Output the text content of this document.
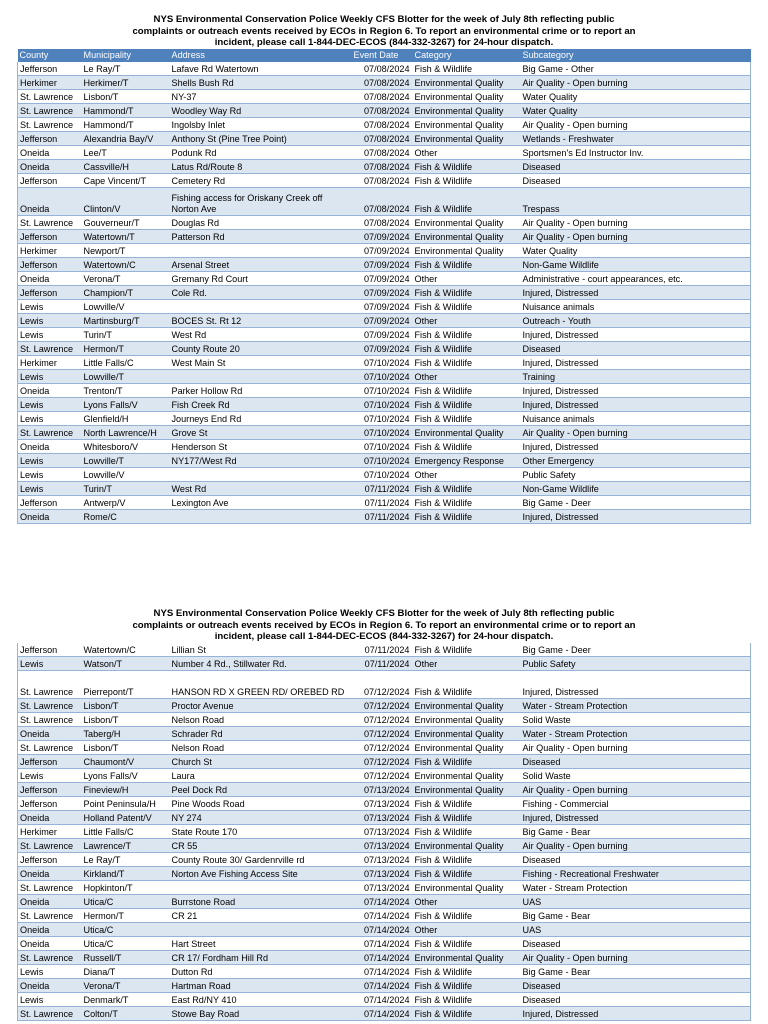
NYS Environmental Conservation Police Weekly CFS Blotter for the week of July 8th reflecting public
complaints or outreach events received by ECOs in Region 6. To report an environmental crime or to report an
incident, please call 1-844-DEC-ECOS (844-332-3267) for 24-hour dispatch.
County	Municipality	Address	Event Date	Category	Subcategory
Jefferson	Le Ray/T	Lafave Rd Watertown	07/08/2024	Fish & Wildlife	Big Game - Other
Herkimer	Herkimer/T	Shells Bush Rd	07/08/2024	Environmental Quality	Air Quality - Open burning
St. Lawrence	Lisbon/T	NY-37	07/08/2024	Environmental Quality	Water Quality
St. Lawrence	Hammond/T	Woodley Way Rd	07/08/2024	Environmental Quality	Water Quality
St. Lawrence	Hammond/T	Ingolsby Inlet	07/08/2024	Environmental Quality	Air Quality - Open burning
Jefferson	Alexandria Bay/V	Anthony St (Pine Tree Point)	07/08/2024	Environmental Quality	Wetlands - Freshwater
Oneida	Lee/T	Podunk Rd	07/08/2024	Other	Sportsmen's Ed Instructor Inv.
Oneida	Cassville/H	Latus Rd/Route 8	07/08/2024	Fish & Wildlife	Diseased
Jefferson	Cape Vincent/T	Cemetery Rd	07/08/2024	Fish & Wildlife	Diseased
Oneida	Clinton/V	Fishing access for Oriskany Creek off
Norton Ave	07/08/2024	Fish & Wildlife	Trespass
St. Lawrence	Gouverneur/T	Douglas Rd	07/08/2024	Environmental Quality	Air Quality - Open burning
Jefferson	Watertown/T	Patterson Rd	07/09/2024	Environmental Quality	Air Quality - Open burning
Herkimer	Newport/T		07/09/2024	Environmental Quality	Water Quality
Jefferson	Watertown/C	Arsenal Street	07/09/2024	Fish & Wildlife	Non-Game Wildlife
Oneida	Verona/T	Gremany Rd Court	07/09/2024	Other	Administrative - court appearances, etc.
Jefferson	Champion/T	Cole Rd.	07/09/2024	Fish & Wildlife	Injured, Distressed
Lewis	Lowville/V		07/09/2024	Fish & Wildlife	Nuisance animals
Lewis	Martinsburg/T	BOCES St. Rt 12	07/09/2024	Other	Outreach - Youth
Lewis	Turin/T	West Rd	07/09/2024	Fish & Wildlife	Injured, Distressed
St. Lawrence	Hermon/T	County Route 20	07/09/2024	Fish & Wildlife	Diseased
Herkimer	Little Falls/C	West Main St	07/10/2024	Fish & Wildlife	Injured, Distressed
Lewis	Lowville/T		07/10/2024	Other	Training
Oneida	Trenton/T	Parker Hollow Rd	07/10/2024	Fish & Wildlife	Injured, Distressed
Lewis	Lyons Falls/V	Fish Creek Rd	07/10/2024	Fish & Wildlife	Injured, Distressed
Lewis	Glenfield/H	Journeys End Rd	07/10/2024	Fish & Wildlife	Nuisance animals
St. Lawrence	North Lawrence/H	Grove St	07/10/2024	Environmental Quality	Air Quality - Open burning
Oneida	Whitesboro/V	Henderson St	07/10/2024	Fish & Wildlife	Injured, Distressed
Lewis	Lowville/T	NY177/West Rd	07/10/2024	Emergency Response	Other Emergency
Lewis	Lowville/V		07/10/2024	Other	Public Safety
Lewis	Turin/T	West Rd	07/11/2024	Fish & Wildlife	Non-Game Wildlife
Jefferson	Antwerp/V	Lexington Ave	07/11/2024	Fish & Wildlife	Big Game - Deer
Oneida	Rome/C		07/11/2024	Fish & Wildlife	Injured, Distressed
NYS Environmental Conservation Police Weekly CFS Blotter for the week of July 8th reflecting public
complaints or outreach events received by ECOs in Region 6. To report an environmental crime or to report an
incident, please call 1-844-DEC-ECOS (844-332-3267) for 24-hour dispatch.
Jefferson	Watertown/C	Lillian St	07/11/2024	Fish & Wildlife	Big Game - Deer
Lewis	Watson/T	Number 4 Rd., Stillwater Rd.	07/11/2024	Other	Public Safety
St. Lawrence	Pierrepont/T	HANSON RD X GREEN RD/ OREBED RD	07/12/2024	Fish & Wildlife	Injured, Distressed
St. Lawrence	Lisbon/T	Proctor Avenue	07/12/2024	Environmental Quality	Water - Stream Protection
St. Lawrence	Lisbon/T	Nelson Road	07/12/2024	Environmental Quality	Solid Waste
Oneida	Taberg/H	Schrader Rd	07/12/2024	Environmental Quality	Water - Stream Protection
St. Lawrence	Lisbon/T	Nelson Road	07/12/2024	Environmental Quality	Air Quality - Open burning
Jefferson	Chaumont/V	Church St	07/12/2024	Fish & Wildlife	Diseased
Lewis	Lyons Falls/V	Laura	07/12/2024	Environmental Quality	Solid Waste
Jefferson	Fineview/H	Peel Dock Rd	07/13/2024	Environmental Quality	Air Quality - Open burning
Jefferson	Point Peninsula/H	Pine Woods Road	07/13/2024	Fish & Wildlife	Fishing - Commercial
Oneida	Holland Patent/V	NY 274	07/13/2024	Fish & Wildlife	Injured, Distressed
Herkimer	Little Falls/C	State Route 170	07/13/2024	Fish & Wildlife	Big Game - Bear
St. Lawrence	Lawrence/T	CR 55	07/13/2024	Environmental Quality	Air Quality - Open burning
Jefferson	Le Ray/T	County Route 30/ Gardenrville rd	07/13/2024	Fish & Wildlife	Diseased
Oneida	Kirkland/T	Norton Ave Fishing Access Site	07/13/2024	Fish & Wildlife	Fishing - Recreational Freshwater
St. Lawrence	Hopkinton/T		07/13/2024	Environmental Quality	Water - Stream Protection
Oneida	Utica/C	Burrstone Road	07/14/2024	Other	UAS
St. Lawrence	Hermon/T	CR 21	07/14/2024	Fish & Wildlife	Big Game - Bear
Oneida	Utica/C		07/14/2024	Other	UAS
Oneida	Utica/C	Hart Street	07/14/2024	Fish & Wildlife	Diseased
St. Lawrence	Russell/T	CR 17/ Fordham Hill Rd	07/14/2024	Environmental Quality	Air Quality - Open burning
Lewis	Diana/T	Dutton Rd	07/14/2024	Fish & Wildlife	Big Game - Bear
Oneida	Verona/T	Hartman Road	07/14/2024	Fish & Wildlife	Diseased
Lewis	Denmark/T	East Rd/NY 410	07/14/2024	Fish & Wildlife	Diseased
St. Lawrence	Colton/T	Stowe Bay Road	07/14/2024	Fish & Wildlife	Injured, Distressed
